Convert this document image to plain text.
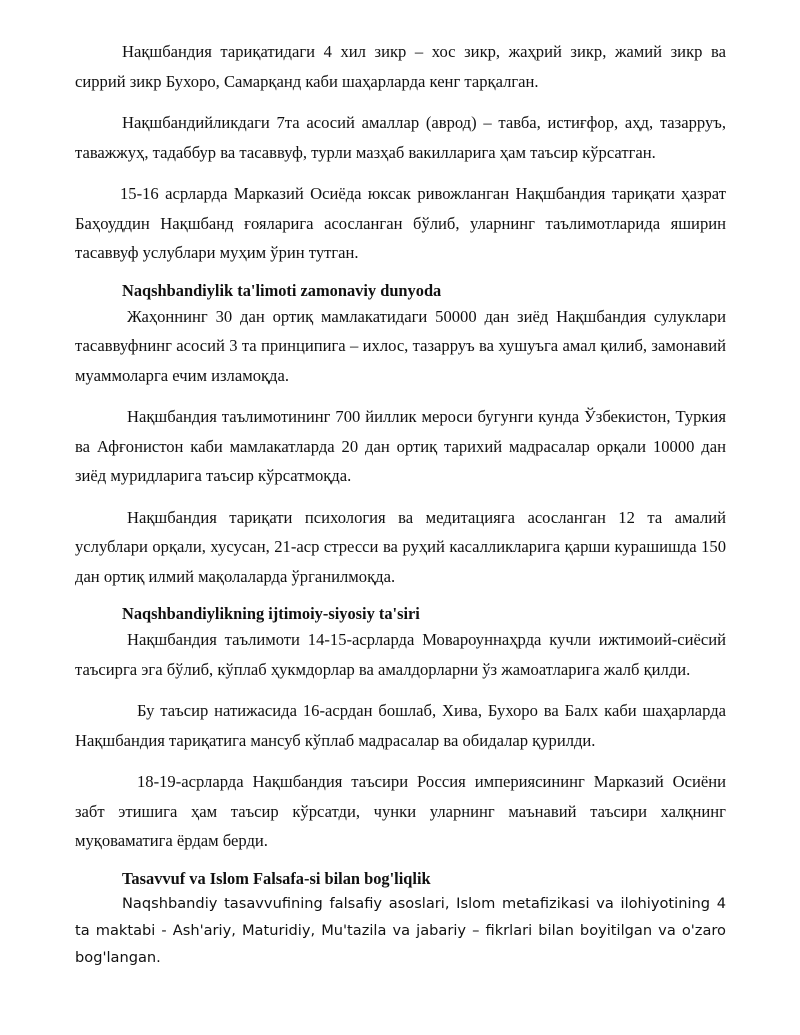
Нақшбандия тариқатидаги 4 хил зикр – хос зикр, жаҳрий зикр, жамий зикр ва сиррий зикр Бухоро, Самарқанд каби шаҳарларда кенг тарқалган.

Нақшбандийликдаги 7та асосий амаллар (аврод) – тавба, истиғфор, аҳд, тазарруъ, таважжуҳ, тадаббур ва тасаввуф, турли мазҳаб вакилларига ҳам таъсир кўрсатган.

15-16 асрларда Марказий Осиёда юксак ривожланган Нақшбандия тариқати ҳазрат Баҳоуддин Нақшбанд ғояларига асосланган бўлиб, уларнинг таълимотларида яширин тасаввуф услублари муҳим ўрин тутган.

Naqshbandiylik ta'limoti zamonaviy dunyoda

Жаҳоннинг 30 дан ортиқ мамлакатидаги 50000 дан зиёд Нақшбандия сулуклари тасаввуфнинг асосий 3 та принципига – ихлос, тазарруъ ва хушуъга амал қилиб, замонавий муаммоларга ечим изламоқда.

Нақшбандия таълимотининг 700 йиллик мероси бугунги кунда Ўзбекистон, Туркия ва Афғонистон каби мамлакатларда 20 дан ортиқ тарихий мадрасалар орқали 10000 дан зиёд муридларига таъсир кўрсатмоқда.

Нақшбандия тариқати психология ва медитацияга асосланган 12 та амалий услублари орқали, хусусан, 21-аср стресси ва руҳий касалликларига қарши курашишда 150 дан ортиқ илмий мақолаларда ўрганилмоқда.

Naqshbandiylikning ijtimoiy-siyosiy ta'siri

Нақшбандия таълимоти 14-15-асрларда Мовароуннаҳрда кучли ижтимоий-сиёсий таъсирга эга бўлиб, кўплаб ҳукмдорлар ва амалдорларни ўз жамоатларига жалб қилди.

Бу таъсир натижасида 16-асрдан бошлаб, Хива, Бухоро ва Балх каби шаҳарларда Нақшбандия тариқатига мансуб кўплаб мадрасалар ва обидалар қурилди.

18-19-асрларда Нақшбандия таъсири Россия империясининг Марказий Осиёни забт этишига ҳам таъсир кўрсатди, чунки уларнинг маънавий таъсири халқнинг муқоваматига ёрдам берди.

Tasavvuf va Islom Falsafa-si bilan bog'liqlik

Naqshbandiy tasavvufining falsafiy asoslari, Islom metafizikasi va ilohiyotining 4 ta maktabi - Ash'ariy, Maturidiy, Mu'tazila va jabariy – fikrlari bilan boyitilgan va o'zaro bog'langan.
